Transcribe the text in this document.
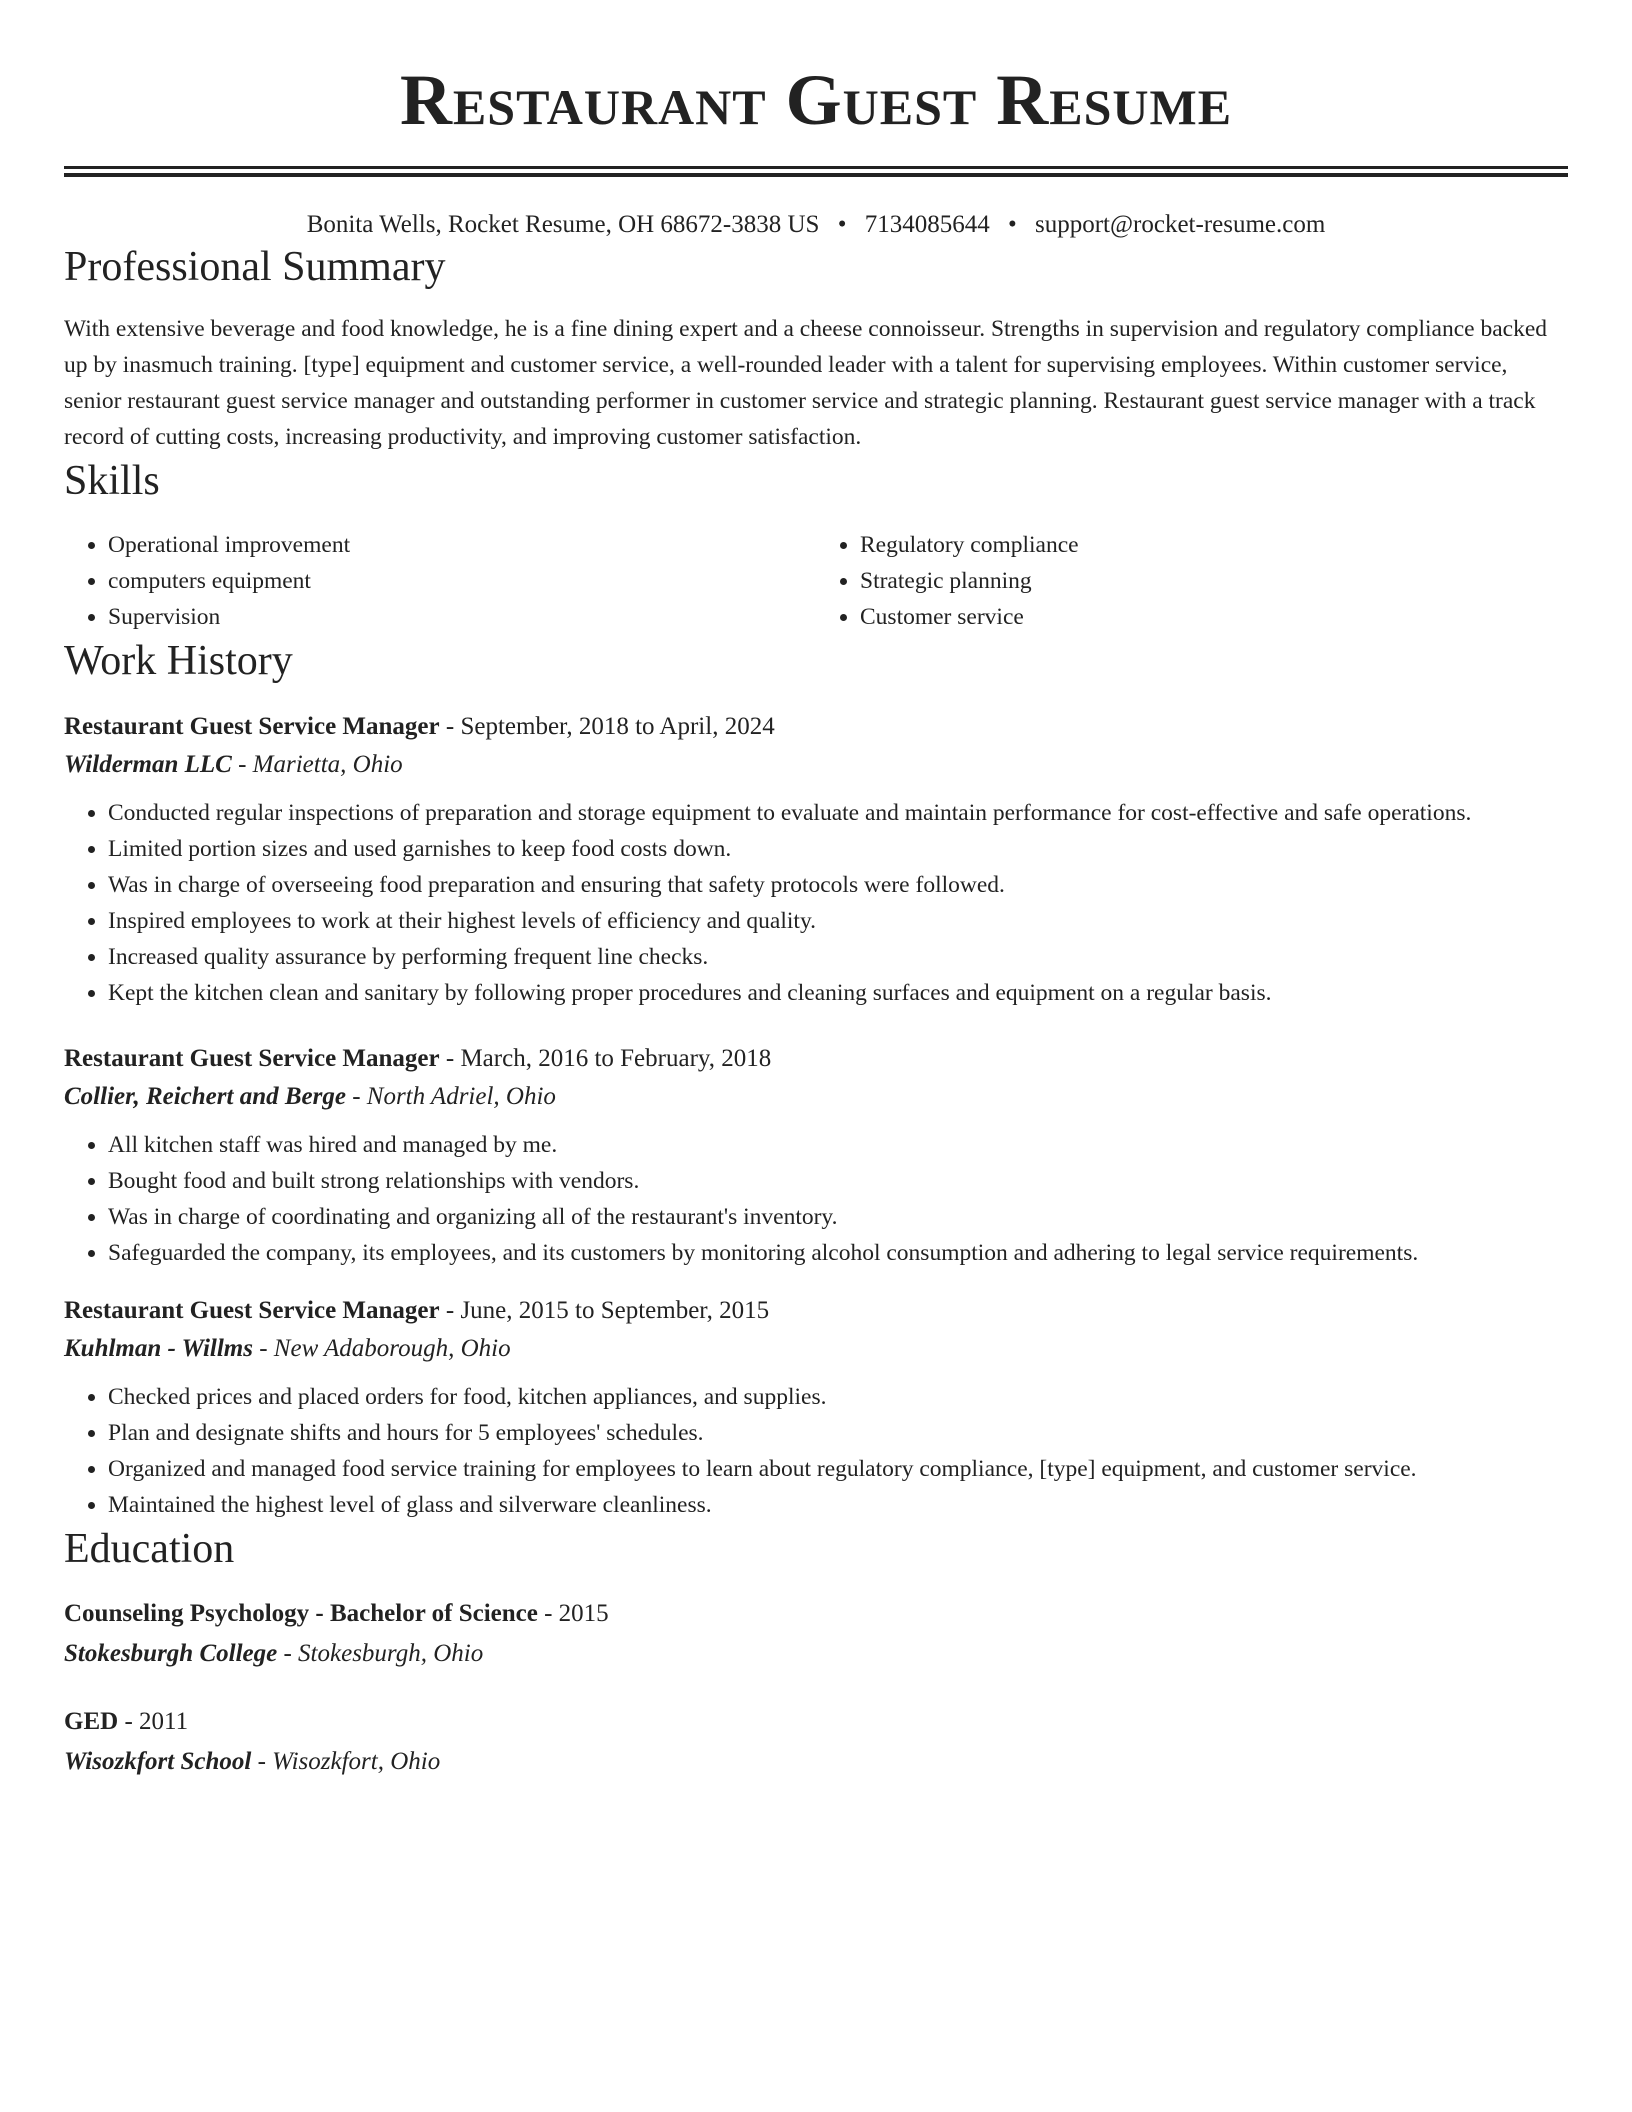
Restaurant Guest Resume
Bonita Wells, Rocket Resume, OH 68672-3838 US • 7134085644 • support@rocket-resume.com
Professional Summary

With extensive beverage and food knowledge, he is a fine dining expert and a cheese connoisseur. Strengths in supervision and regulatory compliance backed up by inasmuch training. [type] equipment and customer service, a well-rounded leader with a talent for supervising employees. Within customer service, senior restaurant guest service manager and outstanding performer in customer service and strategic planning. Restaurant guest service manager with a track record of cutting costs, increasing productivity, and improving customer satisfaction.

Skills
• Operational improvement
• computers equipment
• Supervision
• Regulatory compliance
• Strategic planning
• Customer service
Work History
Restaurant Guest Service Manager - September, 2018 to April, 2024
Wilderman LLC - Marietta, Ohio
• Conducted regular inspections of preparation and storage equipment to evaluate and maintain performance for cost-effective and safe operations.
• Limited portion sizes and used garnishes to keep food costs down.
• Was in charge of overseeing food preparation and ensuring that safety protocols were followed.
• Inspired employees to work at their highest levels of efficiency and quality.
• Increased quality assurance by performing frequent line checks.
• Kept the kitchen clean and sanitary by following proper procedures and cleaning surfaces and equipment on a regular basis.
Restaurant Guest Service Manager - March, 2016 to February, 2018
Collier, Reichert and Berge - North Adriel, Ohio
• All kitchen staff was hired and managed by me.
• Bought food and built strong relationships with vendors.
• Was in charge of coordinating and organizing all of the restaurant's inventory.
• Safeguarded the company, its employees, and its customers by monitoring alcohol consumption and adhering to legal service requirements.
Restaurant Guest Service Manager - June, 2015 to September, 2015
Kuhlman - Willms - New Adaborough, Ohio
• Checked prices and placed orders for food, kitchen appliances, and supplies.
• Plan and designate shifts and hours for 5 employees' schedules.
• Organized and managed food service training for employees to learn about regulatory compliance, [type] equipment, and customer service.
• Maintained the highest level of glass and silverware cleanliness.
Education
Counseling Psychology - Bachelor of Science - 2015
Stokesburgh College - Stokesburgh, Ohio
GED - 2011
Wisozkfort School - Wisozkfort, Ohio
